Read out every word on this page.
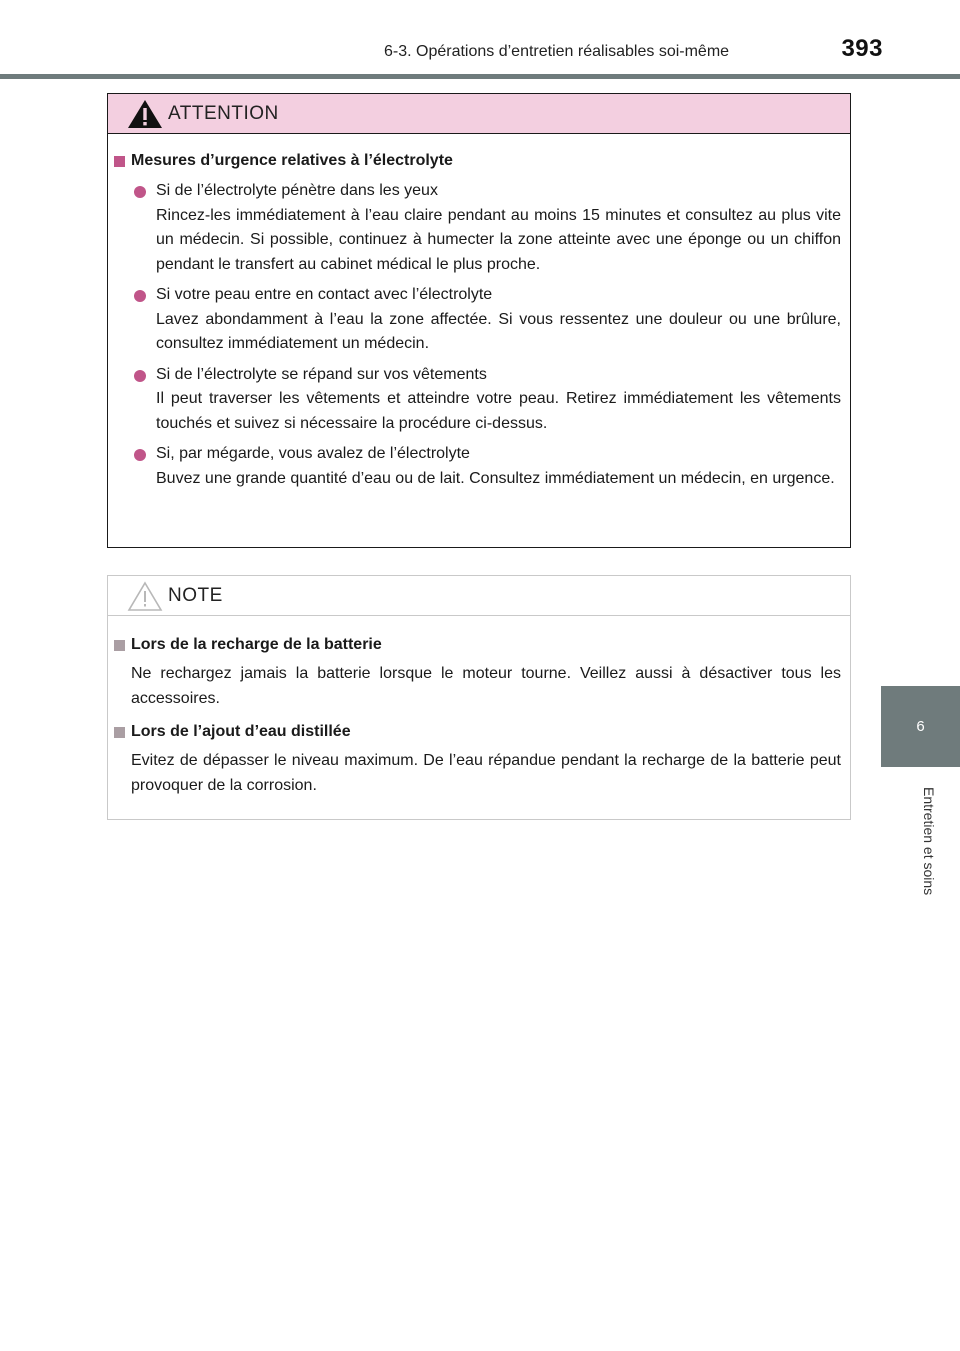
6-3. Opérations d’entretien réalisables soi-même	393
6
Entretien et soins
ATTENTION
Mesures d’urgence relatives à l’électrolyte
Si de l’électrolyte pénètre dans les yeux
Rincez-les immédiatement à l’eau claire pendant au moins 15 minutes et consultez au plus vite un médecin. Si possible, continuez à humecter la zone atteinte avec une éponge ou un chiffon pendant le transfert au cabinet médical le plus proche.
Si votre peau entre en contact avec l’électrolyte
Lavez abondamment à l’eau la zone affectée. Si vous ressentez une douleur ou une brûlure, consultez immédiatement un médecin.
Si de l’électrolyte se répand sur vos vêtements
Il peut traverser les vêtements et atteindre votre peau. Retirez immédiatement les vêtements touchés et suivez si nécessaire la procédure ci-dessus.
Si, par mégarde, vous avalez de l’électrolyte
Buvez une grande quantité d’eau ou de lait. Consultez immédiatement un médecin, en urgence.
NOTE
Lors de la recharge de la batterie
Ne rechargez jamais la batterie lorsque le moteur tourne. Veillez aussi à désactiver tous les accessoires.
Lors de l’ajout d’eau distillée
Evitez de dépasser le niveau maximum. De l’eau répandue pendant la recharge de la batterie peut provoquer de la corrosion.
